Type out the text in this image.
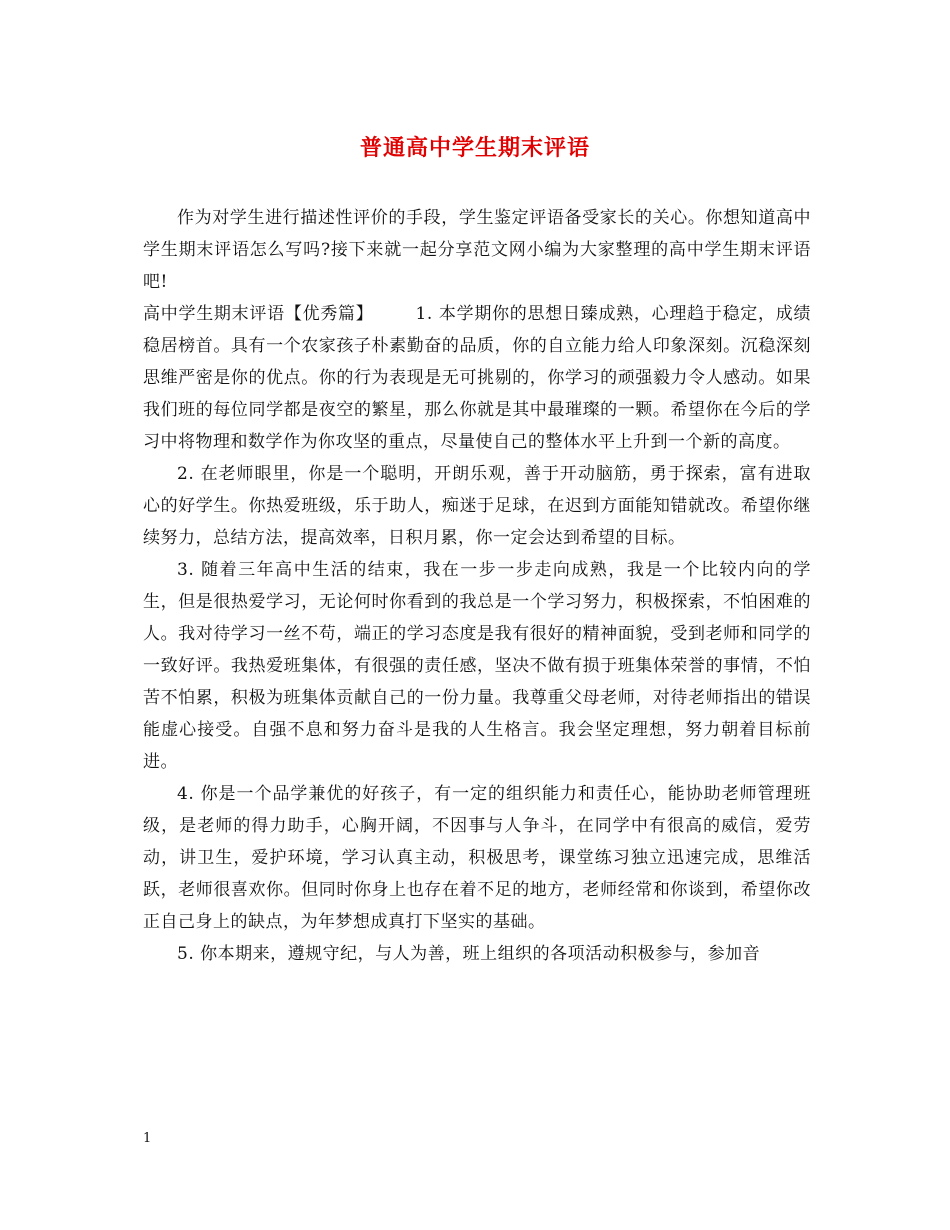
普通高中学生期末评语

作为对学生进行描述性评价的手段，学生鉴定评语备受家长的关心。你想知道高中学生期末评语怎么写吗?接下来就一起分享范文网小编为大家整理的高中学生期末评语吧!

高中学生期末评语【优秀篇】 1. 本学期你的思想日臻成熟，心理趋于稳定，成绩稳居榜首。具有一个农家孩子朴素勤奋的品质，你的自立能力给人印象深刻。沉稳深刻思维严密是你的优点。你的行为表现是无可挑剔的，你学习的顽强毅力令人感动。如果我们班的每位同学都是夜空的繁星，那么你就是其中最璀璨的一颗。希望你在今后的学习中将物理和数学作为你攻坚的重点，尽量使自己的整体水平上升到一个新的高度。

2. 在老师眼里，你是一个聪明，开朗乐观，善于开动脑筋，勇于探索，富有进取心的好学生。你热爱班级，乐于助人，痴迷于足球，在迟到方面能知错就改。希望你继续努力，总结方法，提高效率，日积月累，你一定会达到希望的目标。

3. 随着三年高中生活的结束，我在一步一步走向成熟，我是一个比较内向的学生，但是很热爱学习，无论何时你看到的我总是一个学习努力，积极探索，不怕困难的人。我对待学习一丝不苟，端正的学习态度是我有很好的精神面貌，受到老师和同学的一致好评。我热爱班集体，有很强的责任感，坚决不做有损于班集体荣誉的事情，不怕苦不怕累，积极为班集体贡献自己的一份力量。我尊重父母老师，对待老师指出的错误能虚心接受。自强不息和努力奋斗是我的人生格言。我会坚定理想，努力朝着目标前进。

4. 你是一个品学兼优的好孩子，有一定的组织能力和责任心，能协助老师管理班级，是老师的得力助手，心胸开阔，不因事与人争斗，在同学中有很高的威信，爱劳动，讲卫生，爱护环境，学习认真主动，积极思考，课堂练习独立迅速完成，思维活跃，老师很喜欢你。但同时你身上也存在着不足的地方，老师经常和你谈到，希望你改正自己身上的缺点，为年梦想成真打下坚实的基础。

5. 你本期来，遵规守纪，与人为善，班上组织的各项活动积极参与，参加音

1
